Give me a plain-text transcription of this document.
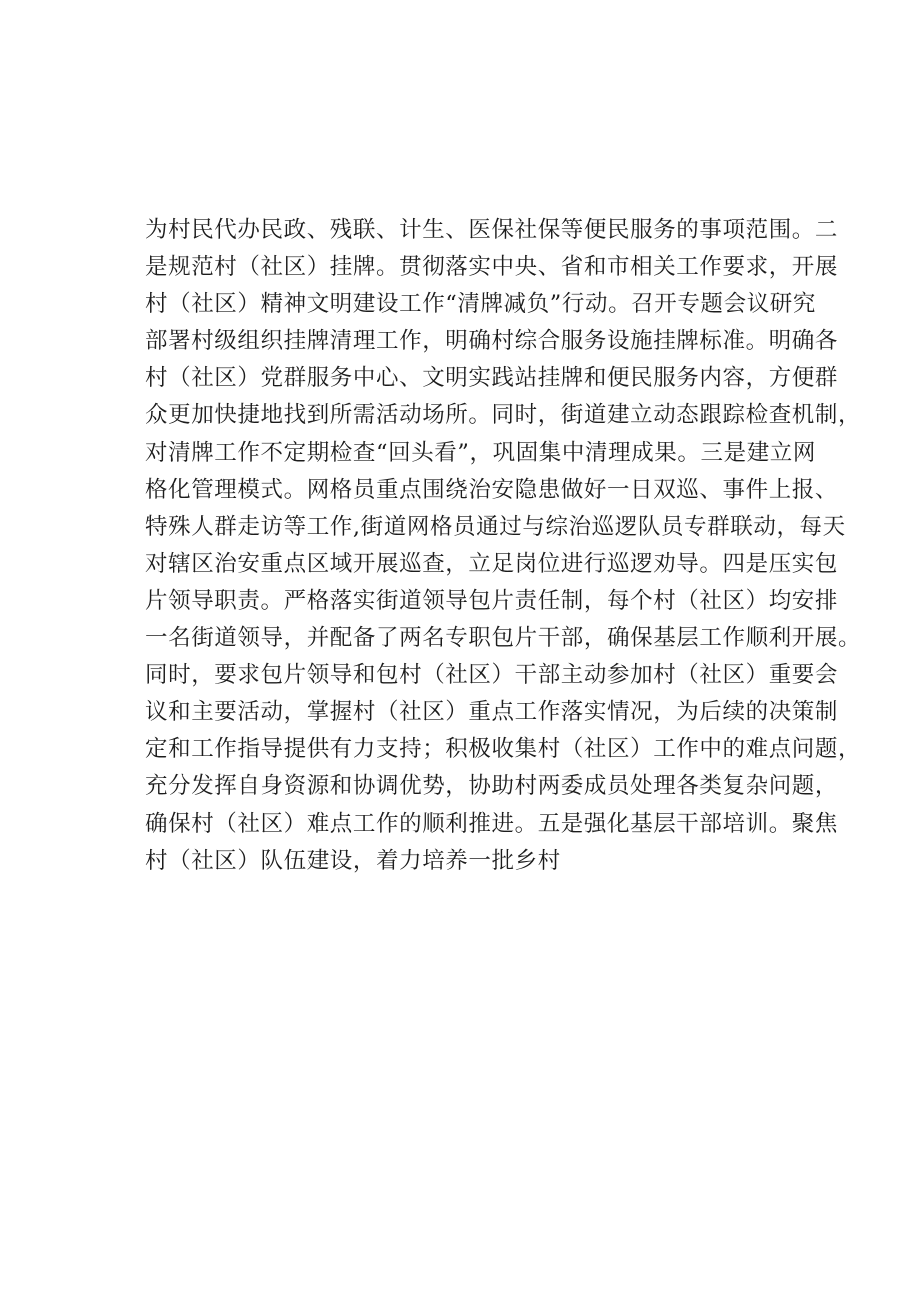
为村民代办民政、残联、计生、医保社保等便民服务的事项范围。二
是规范村（社区）挂牌。贯彻落实中央、省和市相关工作要求，开展
村（社区）精神文明建设工作“清牌减负”行动。召开专题会议研究
部署村级组织挂牌清理工作，明确村综合服务设施挂牌标准。明确各
村（社区）党群服务中心、文明实践站挂牌和便民服务内容，方便群
众更加快捷地找到所需活动场所。同时，街道建立动态跟踪检查机制，
对清牌工作不定期检查“回头看”，巩固集中清理成果。三是建立网
格化管理模式。网格员重点围绕治安隐患做好一日双巡、事件上报、
特殊人群走访等工作,街道网格员通过与综治巡逻队员专群联动，每天
对辖区治安重点区域开展巡查，立足岗位进行巡逻劝导。四是压实包
片领导职责。严格落实街道领导包片责任制，每个村（社区）均安排
一名街道领导，并配备了两名专职包片干部，确保基层工作顺利开展。
同时，要求包片领导和包村（社区）干部主动参加村（社区）重要会
议和主要活动，掌握村（社区）重点工作落实情况，为后续的决策制
定和工作指导提供有力支持；积极收集村（社区）工作中的难点问题，
充分发挥自身资源和协调优势，协助村两委成员处理各类复杂问题，
确保村（社区）难点工作的顺利推进。五是强化基层干部培训。聚焦
村（社区）队伍建设，着力培养一批乡村
